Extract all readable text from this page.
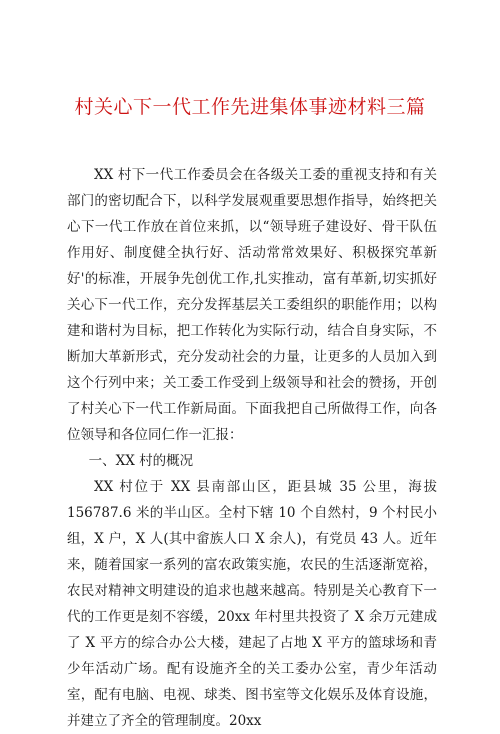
村关心下一代工作先进集体事迹材料三篇

XX 村下一代工作委员会在各级关工委的重视支持和有关部门的密切配合下，以科学发展观重要思想作指导，始终把关心下一代工作放在首位来抓，以“领导班子建设好、骨干队伍作用好、制度健全执行好、活动常常效果好、积极探究革新好'的标准，开展争先创优工作,扎实推动，富有革新,切实抓好关心下一代工作，充分发挥基层关工委组织的职能作用；以构建和谐村为目标，把工作转化为实际行动，结合自身实际，不断加大革新形式，充分发动社会的力量，让更多的人员加入到这个行列中来；关工委工作受到上级领导和社会的赞扬，开创了村关心下一代工作新局面。下面我把自己所做得工作，向各位领导和各位同仁作一汇报：

一、XX 村的概况

XX 村位于 XX 县南部山区，距县城 35 公里，海拔 156787.6 米的半山区。全村下辖 10 个自然村，9 个村民小组，X 户，X 人(其中畲族人口 X 余人)，有党员 43 人。近年来，随着国家一系列的富农政策实施，农民的生活逐渐宽裕，农民对精神文明建设的追求也越来越高。特别是关心教育下一代的工作更是刻不容缓，20xx 年村里共投资了 X 余万元建成了 X 平方的综合办公大楼，建起了占地 X 平方的篮球场和青少年活动广场。配有设施齐全的关工委办公室，青少年活动室，配有电脑、电视、球类、图书室等文化娱乐及体育设施，并建立了齐全的管理制度。20xx
